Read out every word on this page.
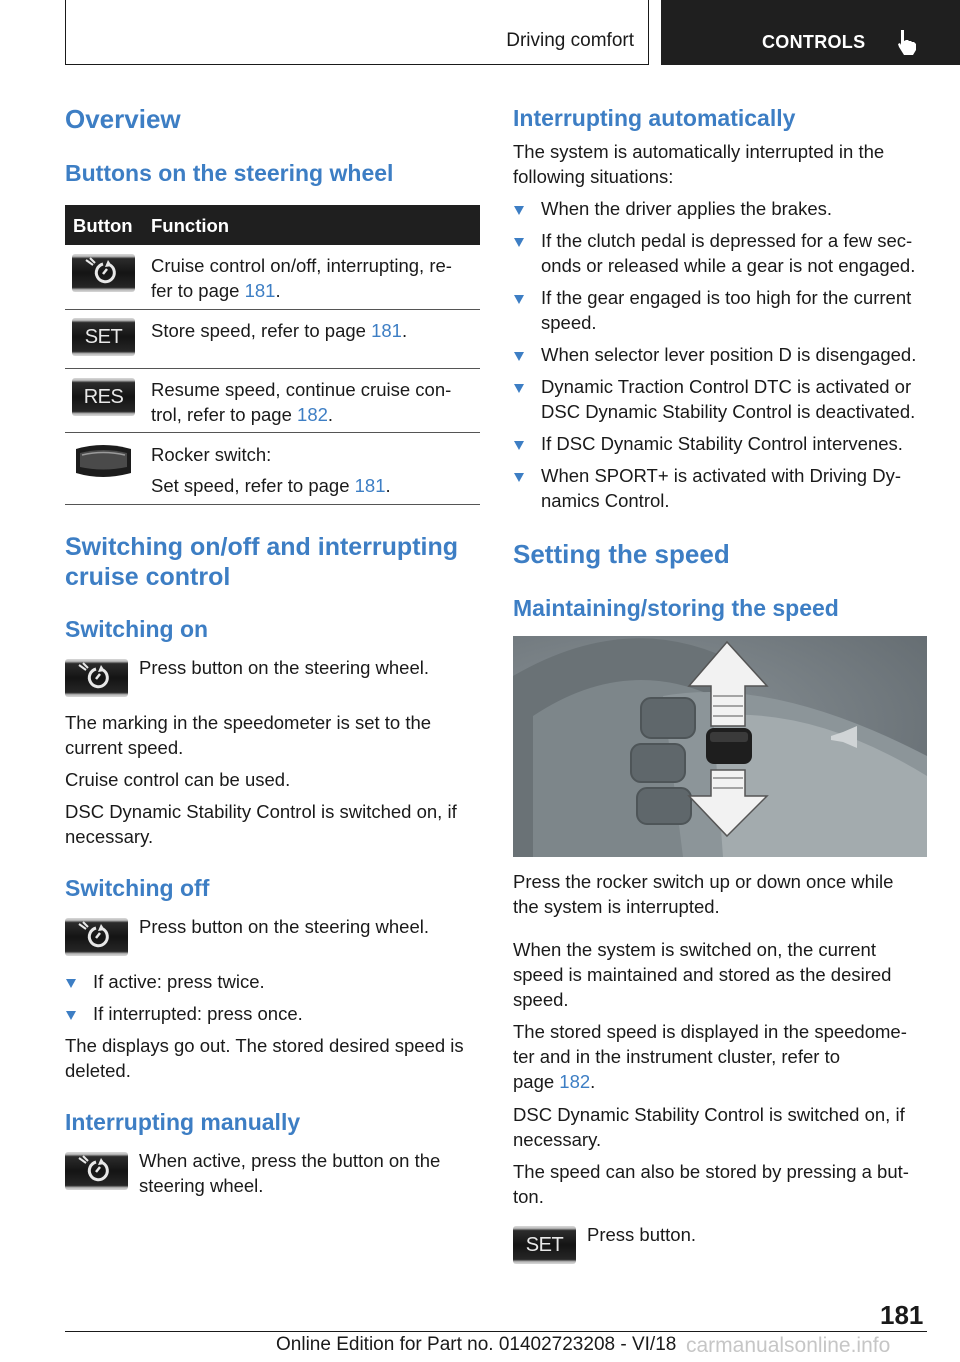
Driving comfort	CONTROLS
Overview
Buttons on the steering wheel
Button Function
Cruise control on/off, interrupting, re-
fer to page 181.
SET	Store speed, refer to page 181.
RES	Resume speed, continue cruise con-
trol, refer to page 182.
Rocker switch:
Set speed, refer to page 181.
Switching on/off and interrupting
cruise control
Switching on
Press button on the steering wheel.
The marking in the speedometer is set to the
current speed.
Cruise control can be used.
DSC Dynamic Stability Control is switched on, if
necessary.
Switching off
Press button on the steering wheel.
If active: press twice.
If interrupted: press once.
The displays go out. The stored desired speed is
deleted.
Interrupting manually
When active, press the button on the
steering wheel.
Interrupting automatically
The system is automatically interrupted in the
following situations:
When the driver applies the brakes.
If the clutch pedal is depressed for a few sec-
onds or released while a gear is not engaged.
If the gear engaged is too high for the current
speed.
When selector lever position D is disengaged.
Dynamic Traction Control DTC is activated or
DSC Dynamic Stability Control is deactivated.
If DSC Dynamic Stability Control intervenes.
When SPORT+ is activated with Driving Dy-
namics Control.
Setting the speed
Maintaining/storing the speed
Press the rocker switch up or down once while
the system is interrupted.
When the system is switched on, the current
speed is maintained and stored as the desired
speed.
The stored speed is displayed in the speedome-
ter and in the instrument cluster, refer to
page 182.
DSC Dynamic Stability Control is switched on, if
necessary.
The speed can also be stored by pressing a but-
ton.
SET	Press button.
181
Online Edition for Part no. 01402723208 - VI/18 carmanualsonline.info
